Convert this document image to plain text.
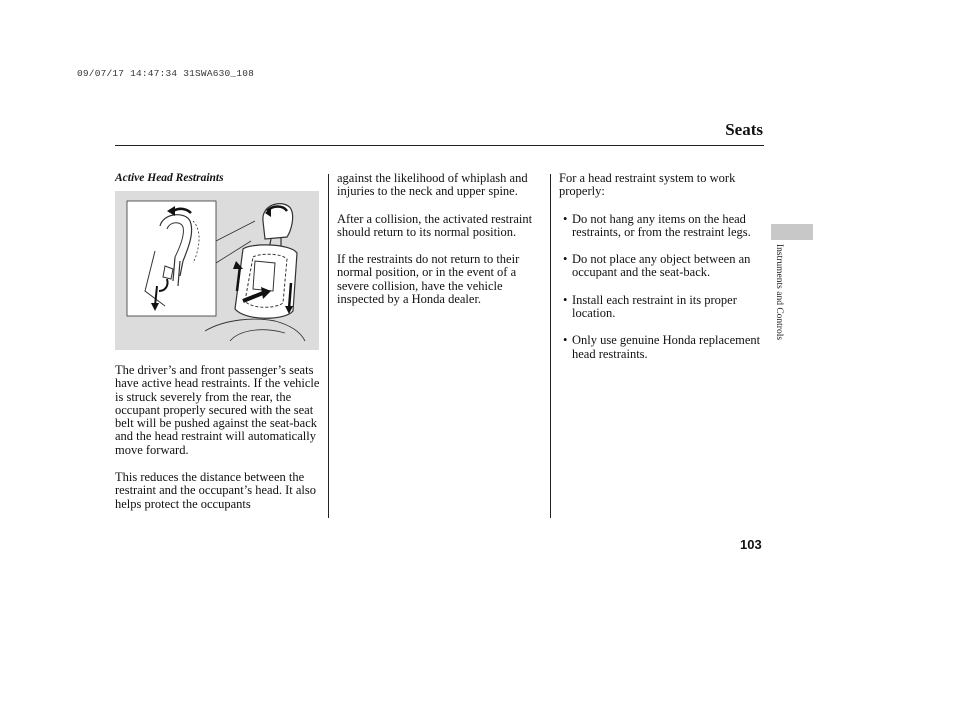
09/07/17 14:47:34 31SWA630_108
Seats
Instruments and Controls
Active Head Restraints

The driver’s and front passenger’s seats have active head restraints. If the vehicle is struck severely from the rear, the occupant properly secured with the seat belt will be pushed against the seat-back and the head restraint will automatically move forward.

This reduces the distance between the restraint and the occupant’s head. It also helps protect the occupants

against the likelihood of whiplash and injuries to the neck and upper spine.

After a collision, the activated restraint should return to its normal position.

If the restraints do not return to their normal position, or in the event of a severe collision, have the vehicle inspected by a Honda dealer.

For a head restraint system to work properly:

• Do not hang any items on the head restraints, or from the restraint legs.
• Do not place any object between an occupant and the seat-back.
• Install each restraint in its proper location.
• Only use genuine Honda replacement head restraints.
103
